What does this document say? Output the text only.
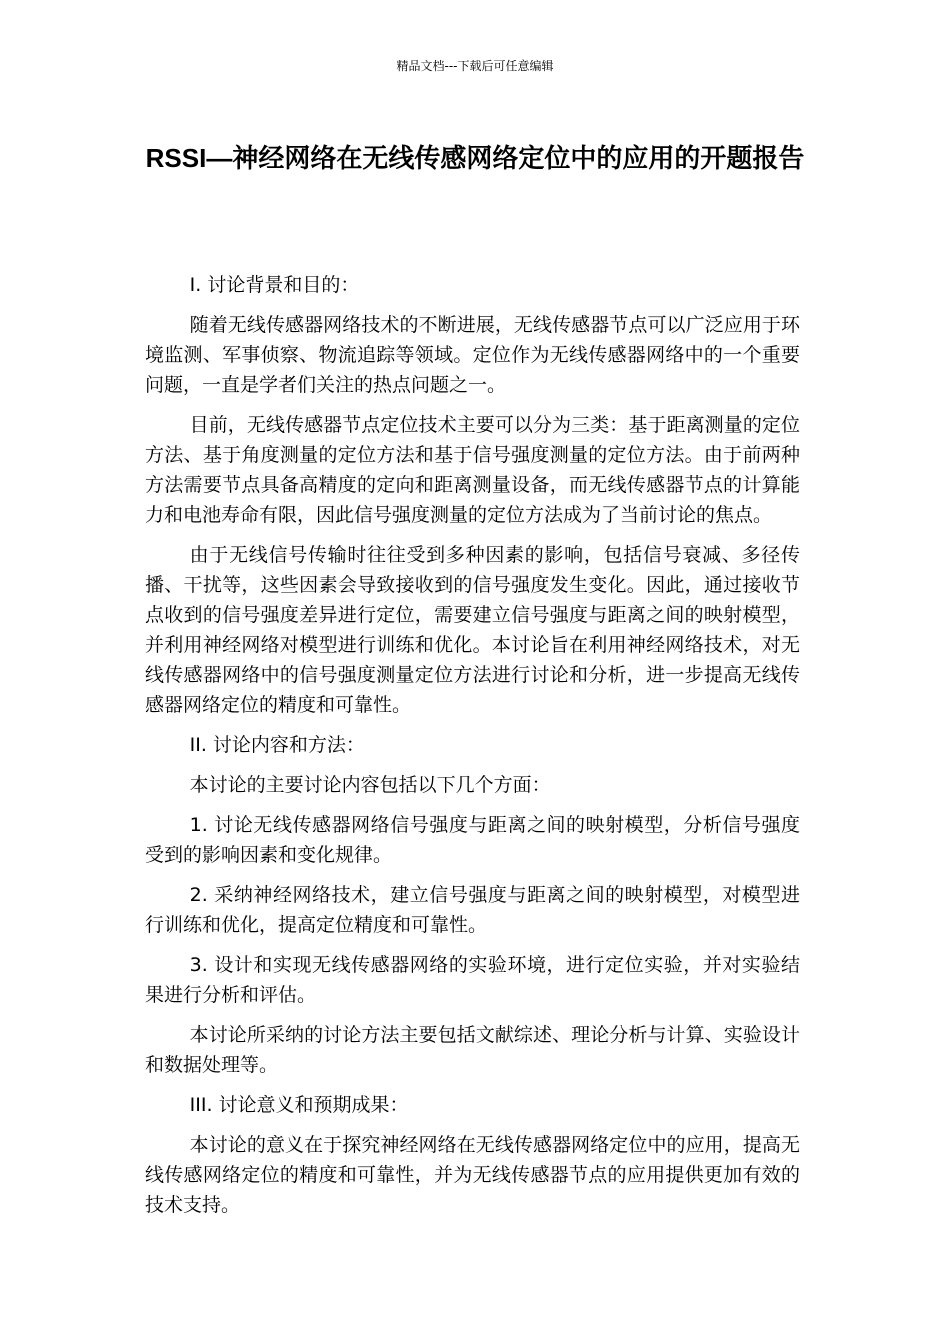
精品文档---下载后可任意编辑
RSSI—神经网络在无线传感网络定位中的应用的开题报告

I. 讨论背景和目的：

随着无线传感器网络技术的不断进展，无线传感器节点可以广泛应用于环境监测、军事侦察、物流追踪等领域。定位作为无线传感器网络中的一个重要问题，一直是学者们关注的热点问题之一。

目前，无线传感器节点定位技术主要可以分为三类：基于距离测量的定位方法、基于角度测量的定位方法和基于信号强度测量的定位方法。由于前两种方法需要节点具备高精度的定向和距离测量设备，而无线传感器节点的计算能力和电池寿命有限，因此信号强度测量的定位方法成为了当前讨论的焦点。

由于无线信号传输时往往受到多种因素的影响，包括信号衰减、多径传播、干扰等，这些因素会导致接收到的信号强度发生变化。因此，通过接收节点收到的信号强度差异进行定位，需要建立信号强度与距离之间的映射模型，并利用神经网络对模型进行训练和优化。本讨论旨在利用神经网络技术，对无线传感器网络中的信号强度测量定位方法进行讨论和分析，进一步提高无线传感器网络定位的精度和可靠性。

II. 讨论内容和方法：

本讨论的主要讨论内容包括以下几个方面：

1. 讨论无线传感器网络信号强度与距离之间的映射模型，分析信号强度受到的影响因素和变化规律。

2. 采纳神经网络技术，建立信号强度与距离之间的映射模型，对模型进行训练和优化，提高定位精度和可靠性。

3. 设计和实现无线传感器网络的实验环境，进行定位实验，并对实验结果进行分析和评估。

本讨论所采纳的讨论方法主要包括文献综述、理论分析与计算、实验设计和数据处理等。

III. 讨论意义和预期成果：

本讨论的意义在于探究神经网络在无线传感器网络定位中的应用，提高无线传感网络定位的精度和可靠性，并为无线传感器节点的应用提供更加有效的技术支持。
